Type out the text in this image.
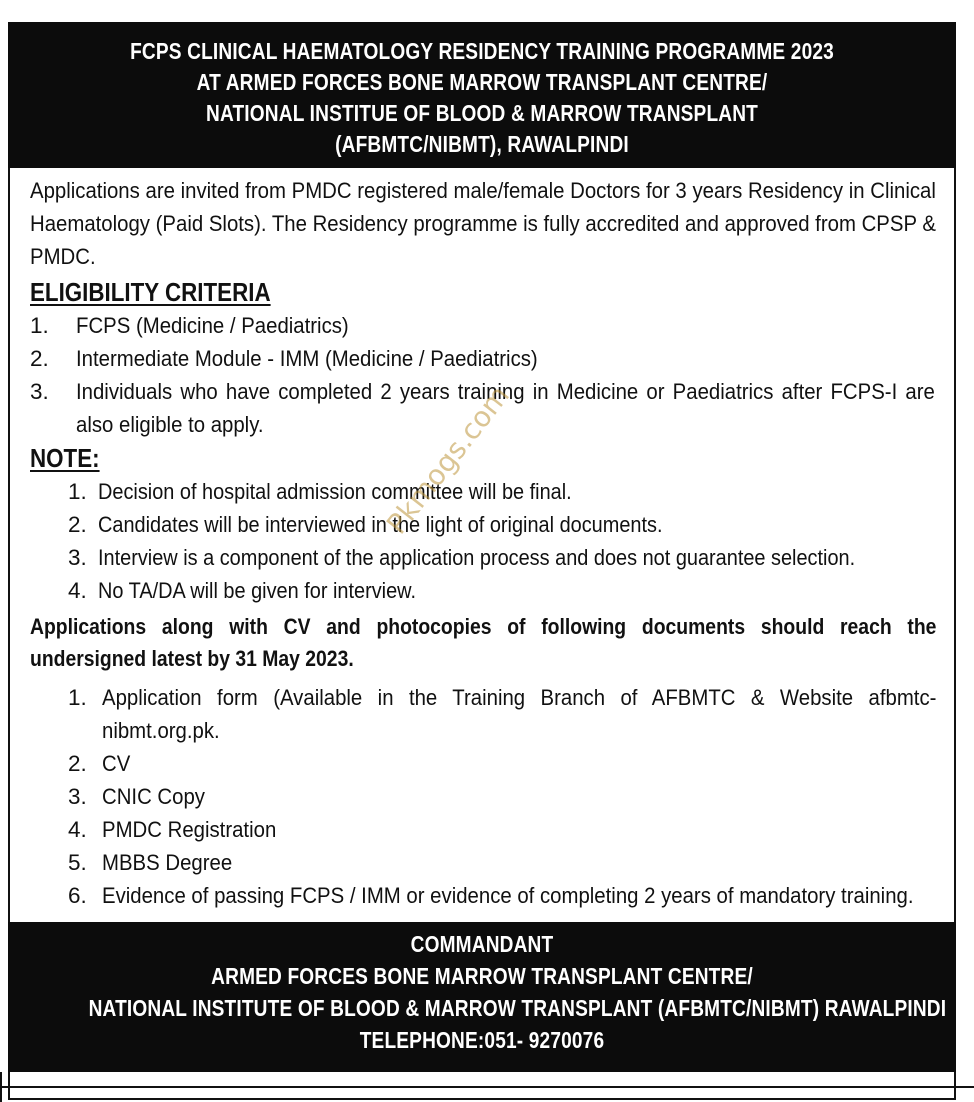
FCPS CLINICAL HAEMATOLOGY RESIDENCY TRAINING PROGRAMME 2023
AT ARMED FORCES BONE MARROW TRANSPLANT CENTRE/
NATIONAL INSTITUE OF BLOOD & MARROW TRANSPLANT
(AFBMTC/NIBMT), RAWALPINDI

Applications are invited from PMDC registered male/female Doctors for 3 years Residency in Clinical Haematology (Paid Slots). The Residency programme is fully accredited and approved from CPSP & PMDC.

ELIGIBILITY CRITERIA
1. FCPS (Medicine / Paediatrics)
2. Intermediate Module - IMM (Medicine / Paediatrics)
3. Individuals who have completed 2 years training in Medicine or Paediatrics after FCPS-I are also eligible to apply.
NOTE:
1. Decision of hospital admission committee will be final.
2. Candidates will be interviewed in the light of original documents.
3. Interview is a component of the application process and does not guarantee selection.
4. No TA/DA will be given for interview.

Applications along with CV and photocopies of following documents should reach the undersigned latest by 31 May 2023.

1. Application form (Available in the Training Branch of AFBMTC & Website afbmtc-nibmt.org.pk.
2. CV
3. CNIC Copy
4. PMDC Registration
5. MBBS Degree
6. Evidence of passing FCPS / IMM or evidence of completing 2 years of mandatory training.
Pkmogs.com
COMMANDANT
ARMED FORCES BONE MARROW TRANSPLANT CENTRE/
NATIONAL INSTITUTE OF BLOOD & MARROW TRANSPLANT (AFBMTC/NIBMT) RAWALPINDI
TELEPHONE:051- 9270076
